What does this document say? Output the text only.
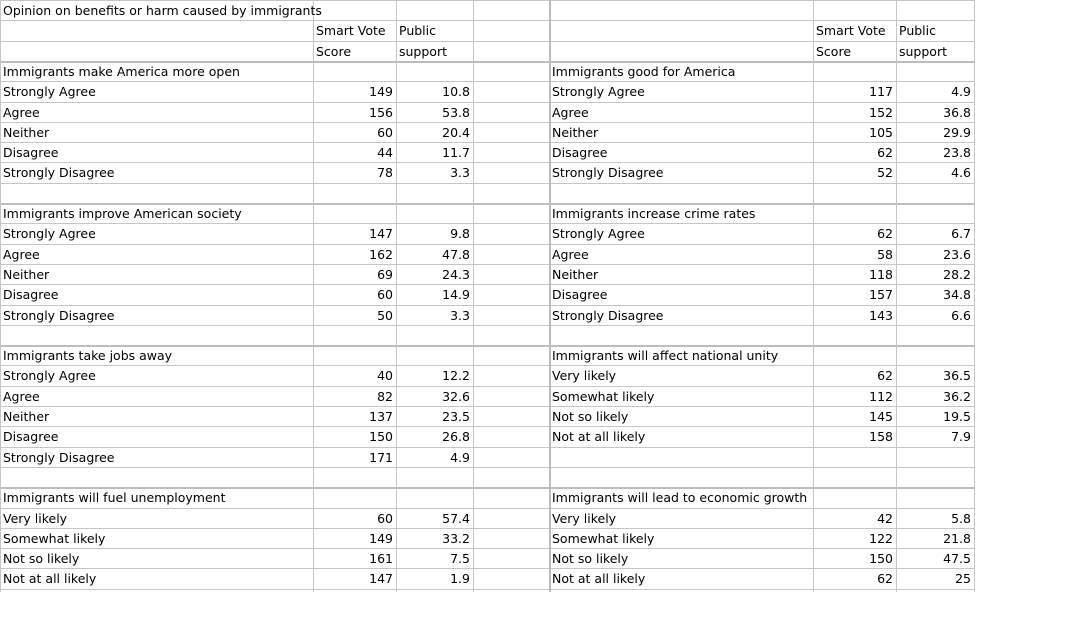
Opinion on benefits or harm caused by immigrants
Smart Vote	Public
Score	support
Smart Vote	Public
Score	support
Immigrants make America more open
Strongly Agree	149	10.8
Agree	156	53.8
Neither	60	20.4
Disagree	44	11.7
Strongly Disagree	78	3.3
Immigrants improve American society
Strongly Agree	147	9.8
Agree	162	47.8
Neither	69	24.3
Disagree	60	14.9
Strongly Disagree	50	3.3
Immigrants take jobs away
Strongly Agree	40	12.2
Agree	82	32.6
Neither	137	23.5
Disagree	150	26.8
Strongly Disagree	171	4.9
Immigrants will fuel unemployment
Very likely	60	57.4
Somewhat likely	149	33.2
Not so likely	161	7.5
Not at all likely	147	1.9
Immigrants good for America
Strongly Agree	117	4.9
Agree	152	36.8
Neither	105	29.9
Disagree	62	23.8
Strongly Disagree	52	4.6
Immigrants increase crime rates
Strongly Agree	62	6.7
Agree	58	23.6
Neither	118	28.2
Disagree	157	34.8
Strongly Disagree	143	6.6
Immigrants will affect national unity
Very likely	62	36.5
Somewhat likely	112	36.2
Not so likely	145	19.5
Not at all likely	158	7.9
Immigrants will lead to economic growth
Very likely	42	5.8
Somewhat likely	122	21.8
Not so likely	150	47.5
Not at all likely	62	25
